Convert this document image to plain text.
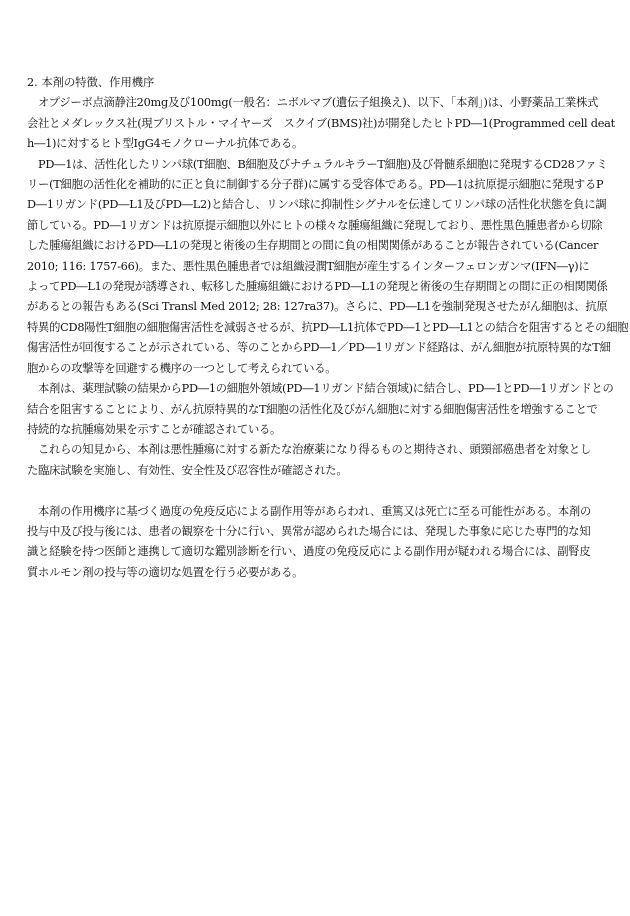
2. 本剤の特徴、作用機序

オプジーボ点滴静注20mg及び100mg(一般名：ニボルマブ(遺伝子組換え)、以下、「本剤」)は、小野薬品工業株式

会社とメダレックス社(現ブリストル・マイヤーズ　スクイブ(BMS)社)が開発したヒトPD―1(Programmed cell deat

h―1)に対するヒト型IgG4モノクローナル抗体である。

PD―1は、活性化したリンパ球(T細胞、B細胞及びナチュラルキラーT細胞)及び骨髄系細胞に発現するCD28ファミ

リー(T細胞の活性化を補助的に正と負に制御する分子群)に属する受容体である。PD―1は抗原提示細胞に発現するP

D―1リガンド(PD―L1及びPD―L2)と結合し、リンパ球に抑制性シグナルを伝達してリンパ球の活性化状態を負に調

節している。PD―1リガンドは抗原提示細胞以外にヒトの様々な腫瘍組織に発現しており、悪性黒色腫患者から切除

した腫瘍組織におけるPD―L1の発現と術後の生存期間との間に負の相関関係があることが報告されている(Cancer

2010; 116: 1757-66)。また、悪性黒色腫患者では組織浸潤T細胞が産生するインターフェロンガンマ(IFN―γ)に

よってPD―L1の発現が誘導され、転移した腫瘍組織におけるPD―L1の発現と術後の生存期間との間に正の相関関係

があるとの報告もある(Sci Transl Med 2012; 28: 127ra37)。さらに、PD―L1を強制発現させたがん細胞は、抗原

特異的CD8陽性T細胞の細胞傷害活性を減弱させるが、抗PD―L1抗体でPD―1とPD―L1との結合を阻害するとその細胞

傷害活性が回復することが示されている、等のことからPD―1／PD―1リガンド経路は、がん細胞が抗原特異的なT細

胞からの攻撃等を回避する機序の一つとして考えられている。

本剤は、薬理試験の結果からPD―1の細胞外領域(PD―1リガンド結合領域)に結合し、PD―1とPD―1リガンドとの

結合を阻害することにより、がん抗原特異的なT細胞の活性化及びがん細胞に対する細胞傷害活性を増強することで

持続的な抗腫瘍効果を示すことが確認されている。

これらの知見から、本剤は悪性腫瘍に対する新たな治療薬になり得るものと期待され、頭頸部癌患者を対象とし

た臨床試験を実施し、有効性、安全性及び忍容性が確認された。

本剤の作用機序に基づく過度の免疫反応による副作用等があらわれ、重篤又は死亡に至る可能性がある。本剤の

投与中及び投与後には、患者の観察を十分に行い、異常が認められた場合には、発現した事象に応じた専門的な知

識と経験を持つ医師と連携して適切な鑑別診断を行い、過度の免疫反応による副作用が疑われる場合には、副腎皮

質ホルモン剤の投与等の適切な処置を行う必要がある。
